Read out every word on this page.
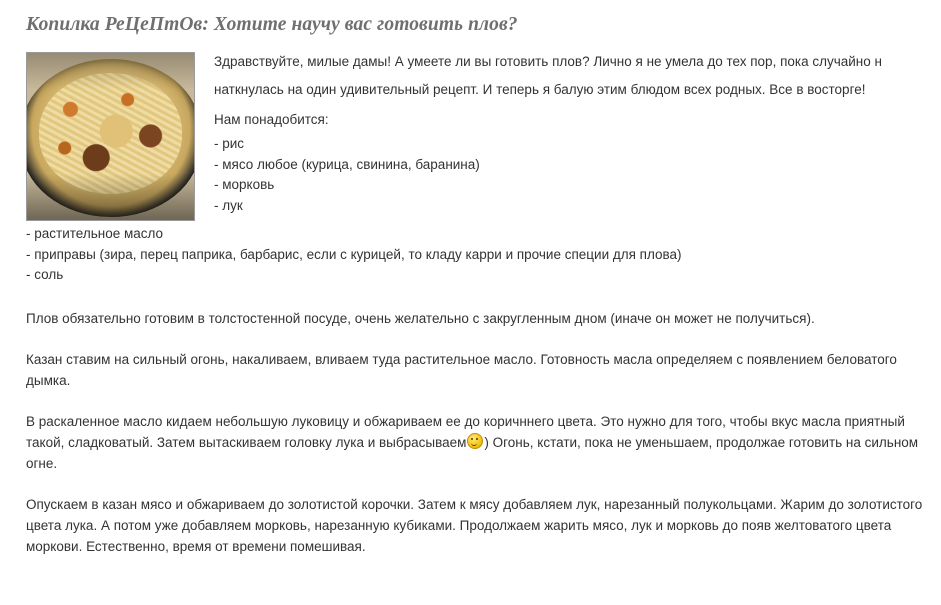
Копилка РеЦеПтОв: Хотите научу вас готовить плов?

Здравствуйте, милые дамы! А умеете ли вы готовить плов? Лично я не умела до тех пор, пока случайно н

наткнулась на один удивительный рецепт. И теперь я балую этим блюдом всех родных. Все в восторге!

Нам понадобится:

- рис
- мясо любое (курица, свинина, баранина)
- морковь
- лук
- растительное масло
- приправы (зира, перец паприка, барбарис, если с курицей, то кладу карри и прочие специи для плова)
- соль

Плов обязательно готовим в толстостенной посуде, очень желательно с закругленным дном (иначе он может не получиться).

Казан ставим на сильный огонь, накаливаем, вливаем туда растительное масло. Готовность масла определяем с появлением беловатого дымка.

В раскаленное масло кидаем небольшую луковицу и обжариваем ее до коричннего цвета. Это нужно для того, чтобы вкус масла приятный такой, сладковатый. Затем вытаскиваем головку лука и выбрасываем ) Огонь, кстати, пока не уменьшаем, продолжае готовить на сильном огне.

Опускаем в казан мясо и обжариваем до золотистой корочки. Затем к мясу добавляем лук, нарезанный полукольцами. Жарим до золотистого цвета лука. А потом уже добавляем морковь, нарезанную кубиками. Продолжаем жарить мясо, лук и морковь до появ желтоватого цвета моркови. Естественно, время от времени помешивая.
